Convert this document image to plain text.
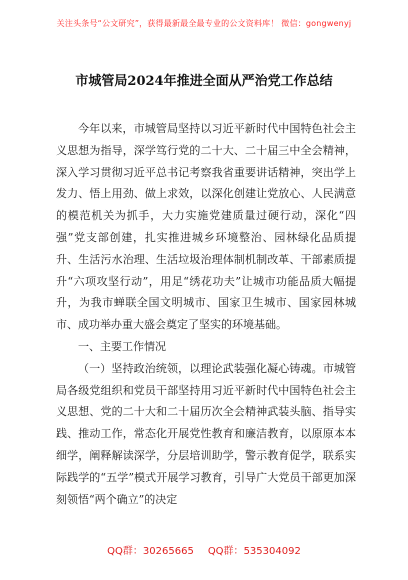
关注头条号“公文研究”，获得最新最全最专业的公文资料库！ 微信：gongwenyj
市城管局2024年推进全面从严治党工作总结

今年以来，市城管局坚持以习近平新时代中国特色社会主义思想为指导，深学笃行党的二十大、二十届三中全会精神，深入学习贯彻习近平总书记考察我省重要讲话精神，突出学上发力、悟上用劲、做上求效，以深化创建让党放心、人民满意的模范机关为抓手，大力实施党建质量过硬行动，深化“四强”党支部创建，扎实推进城乡环境整治、园林绿化品质提升、生活污水治理、生活垃圾治理体制机制改革、干部素质提升“六项攻坚行动”，用足“绣花功夫”让城市功能品质大幅提升，为我市蝉联全国文明城市、国家卫生城市、国家园林城市、成功举办重大盛会奠定了坚实的环境基础。

一、主要工作情况

（一）坚持政治统领，以理论武装强化凝心铸魂。市城管局各级党组织和党员干部坚持用习近平新时代中国特色社会主义思想、党的二十大和二十届历次全会精神武装头脑、指导实践、推动工作，常态化开展党性教育和廉洁教育，以原原本本细学，阐释解读深学，分层培训助学，警示教育促学，联系实际践学的“五学”模式开展学习教育，引导广大党员干部更加深刻领悟“两个确立”的决定

QQ群：30265665 QQ群：535304092
